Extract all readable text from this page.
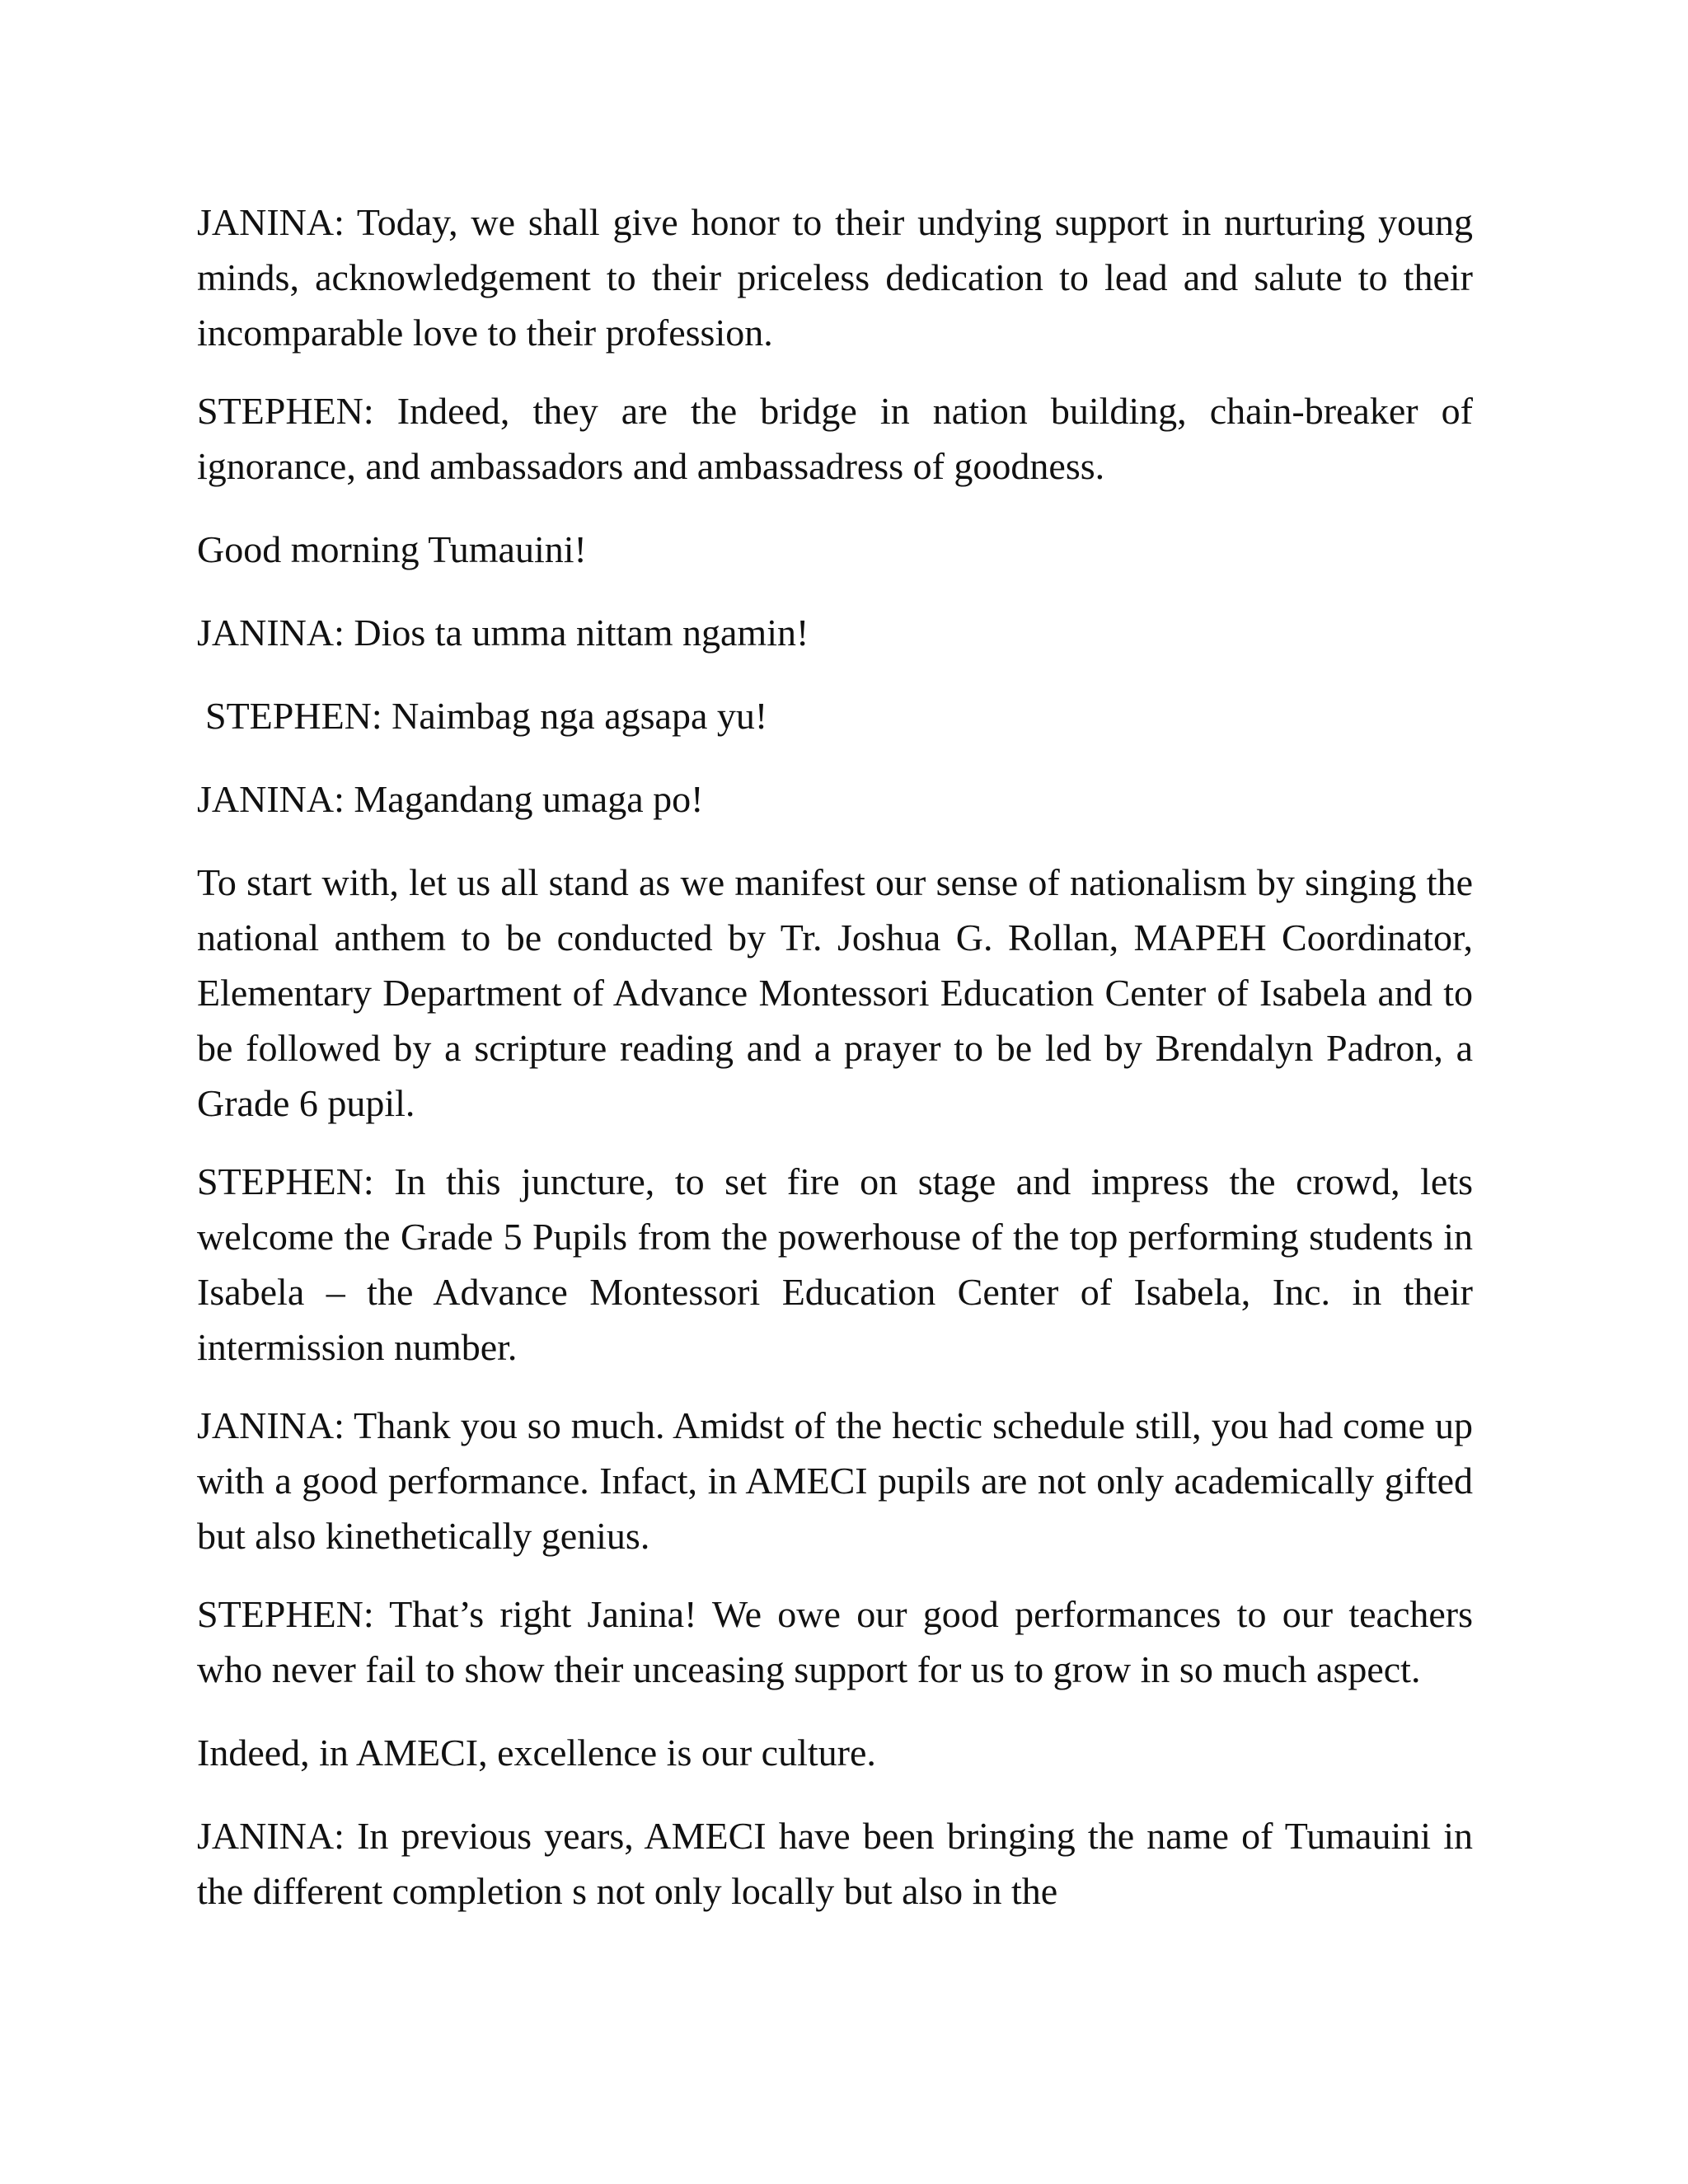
JANINA: Today, we shall give honor to their undying support in nurturing young minds, acknowledgement to their priceless dedication to lead and salute to their incomparable love to their profession.

STEPHEN: Indeed, they are the bridge in nation building, chain-breaker of ignorance, and ambassadors and ambassadress of goodness.

Good morning Tumauini!

JANINA: Dios ta umma nittam ngamin!

STEPHEN: Naimbag nga agsapa yu!

JANINA: Magandang umaga po!

To start with, let us all stand as we manifest our sense of nationalism by singing the national anthem to be conducted by Tr. Joshua G. Rollan, MAPEH Coordinator, Elementary Department of Advance Montessori Education Center of Isabela and to be followed by a scripture reading and a prayer to be led by Brendalyn Padron, a Grade 6 pupil.

STEPHEN: In this juncture, to set fire on stage and impress the crowd, lets welcome the Grade 5 Pupils from the powerhouse of the top performing students in Isabela – the Advance Montessori Education Center of Isabela, Inc. in their intermission number.

JANINA: Thank you so much. Amidst of the hectic schedule still, you had come up with a good performance. Infact, in AMECI pupils are not only academically gifted but also kinethetically genius.

STEPHEN: That’s right Janina! We owe our good performances to our teachers who never fail to show their unceasing support for us to grow in so much aspect.

Indeed, in AMECI, excellence is our culture.

JANINA: In previous years, AMECI have been bringing the name of Tumauini in the different completion s not only locally but also in the
